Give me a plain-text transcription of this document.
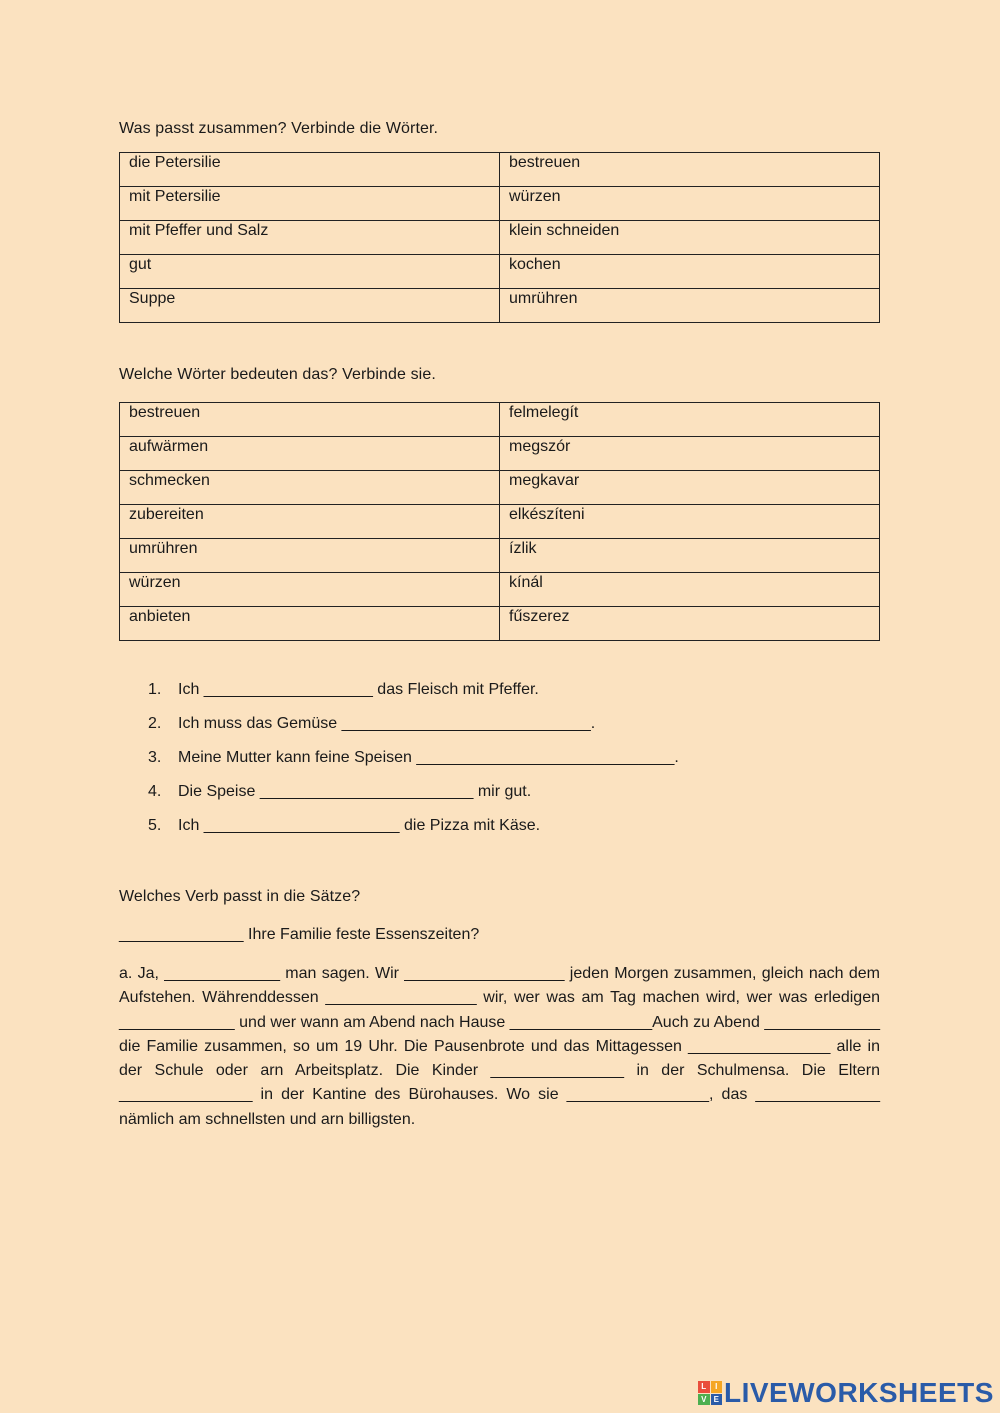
Was passt zusammen? Verbinde die Wörter.
die Petersilie	bestreuen
mit Petersilie	würzen
mit Pfeffer und Salz	klein schneiden
gut	kochen
Suppe	umrühren
Welche Wörter bedeuten das? Verbinde sie.
bestreuen	felmelegít
aufwärmen	megszór
schmecken	megkavar
zubereiten	elkészíteni
umrühren	ízlik
würzen	kínál
anbieten	fűszerez
1.	Ich ___________________ das Fleisch mit Pfeffer.
2.	Ich muss das Gemüse ____________________________.
3.	Meine Mutter kann feine Speisen _____________________________.
4.	Die Speise ________________________ mir gut.
5.	Ich ______________________ die Pizza mit Käse.
Welches Verb passt in die Sätze?
______________ Ihre Familie feste Essenszeiten?
a. Ja, _____________ man sagen. Wir __________________ jeden Morgen zusammen, gleich nach dem Aufstehen. Währenddessen _________________ wir, wer was am Tag machen wird, wer was erledigen _____________ und wer wann am Abend nach Hause ________________Auch zu Abend _____________ die Familie zusammen, so um 19 Uhr. Die Pausenbrote und das Mittagessen ________________ alle in der Schule oder arn Arbeitsplatz. Die Kinder _______________ in der Schulmensa. Die Eltern _______________ in der Kantine des Bürohauses. Wo sie ________________, das ______________ nämlich am schnellsten und arn billigsten.
L	I
V E LIVEWORKSHEETS
